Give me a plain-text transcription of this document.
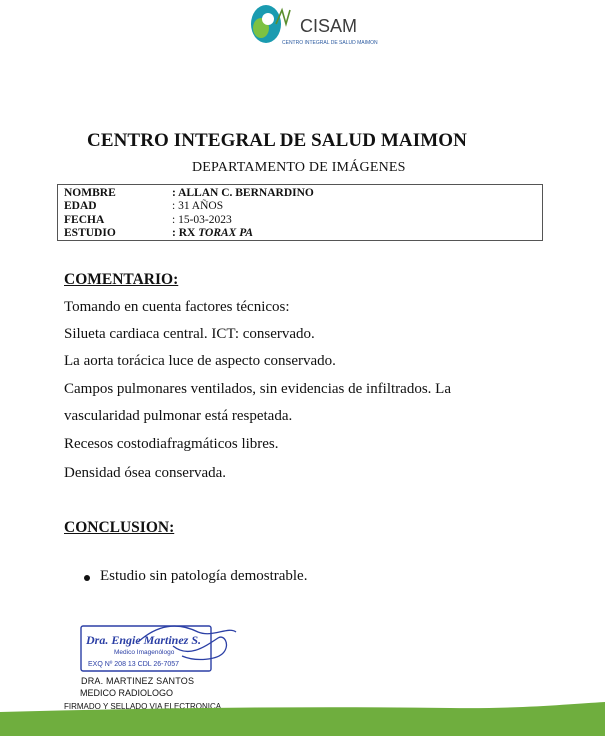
CISAM
CENTRO INTEGRAL DE SALUD MAIMON
CENTRO INTEGRAL DE SALUD MAIMON
DEPARTAMENTO DE IMÁGENES
NOMBRE	: ALLAN C. BERNARDINO
EDAD	: 31 AÑOS
FECHA	: 15-03-2023
ESTUDIO	: RX TORAX PA
COMENTARIO:
Tomando en cuenta factores técnicos:
Silueta cardiaca central. ICT: conservado.
La aorta torácica luce de aspecto conservado.
Campos pulmonares ventilados, sin evidencias de infiltrados. La
vascularidad pulmonar está respetada.
Recesos costodiafragmáticos libres.
Densidad ósea conservada.
CONCLUSION:
Estudio sin patología demostrable.
Dra. Engie Martinez S.
Medico Imagenólogo
EXQ Nº 208 13 CDL 26-7057
DRA. MARTINEZ SANTOS
MEDICO RADIOLOGO
FIRMADO Y SELLADO VIA ELECTRONICA
